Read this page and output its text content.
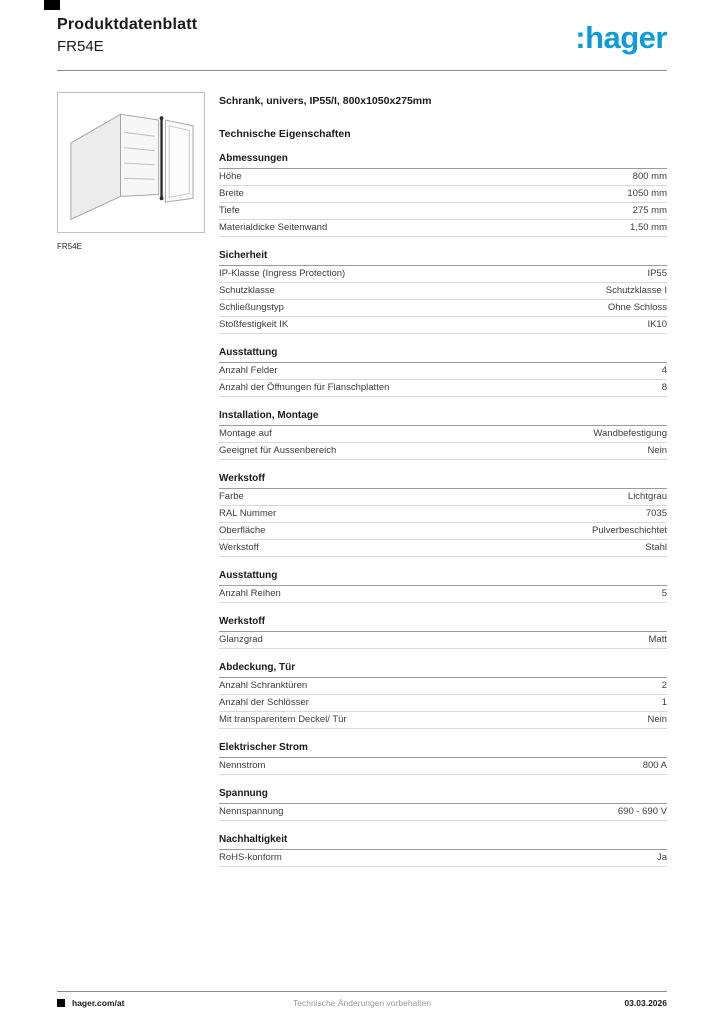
Produktdatenblatt
FR54E	:hager
FR54E
Schrank, univers, IP55/I, 800x1050x275mm
Technische Eigenschaften
Abmessungen
Höhe	800 mm
Breite	1050 mm
Tiefe	275 mm
Materialdicke Seitenwand	1,50 mm
Sicherheit
IP-Klasse (Ingress Protection)	IP55
Schutzklasse	Schutzklasse I
Schließungstyp	Ohne Schloss
Stoßfestigkeit IK	IK10
Ausstattung
Anzahl Felder	4
Anzahl der Öffnungen für Flanschplatten	8
Installation, Montage
Montage auf	Wandbefestigung
Geeignet für Aussenbereich	Nein
Werkstoff
Farbe	Lichtgrau
RAL Nummer	7035
Oberfläche	Pulverbeschichtet
Werkstoff	Stahl
Ausstattung
Anzahl Reihen	5
Werkstoff
Glanzgrad	Matt
Abdeckung, Tür
Anzahl Schranktüren	2
Anzahl der Schlösser	1
Mit transparentem Deckel/ Tür	Nein
Elektrischer Strom
Nennstrom	800 A
Spannung
Nennspannung	690 - 690 V
Nachhaltigkeit
RoHS-konform	Ja
hager.com/at	Technische Änderungen vorbehalten	03.03.2026
